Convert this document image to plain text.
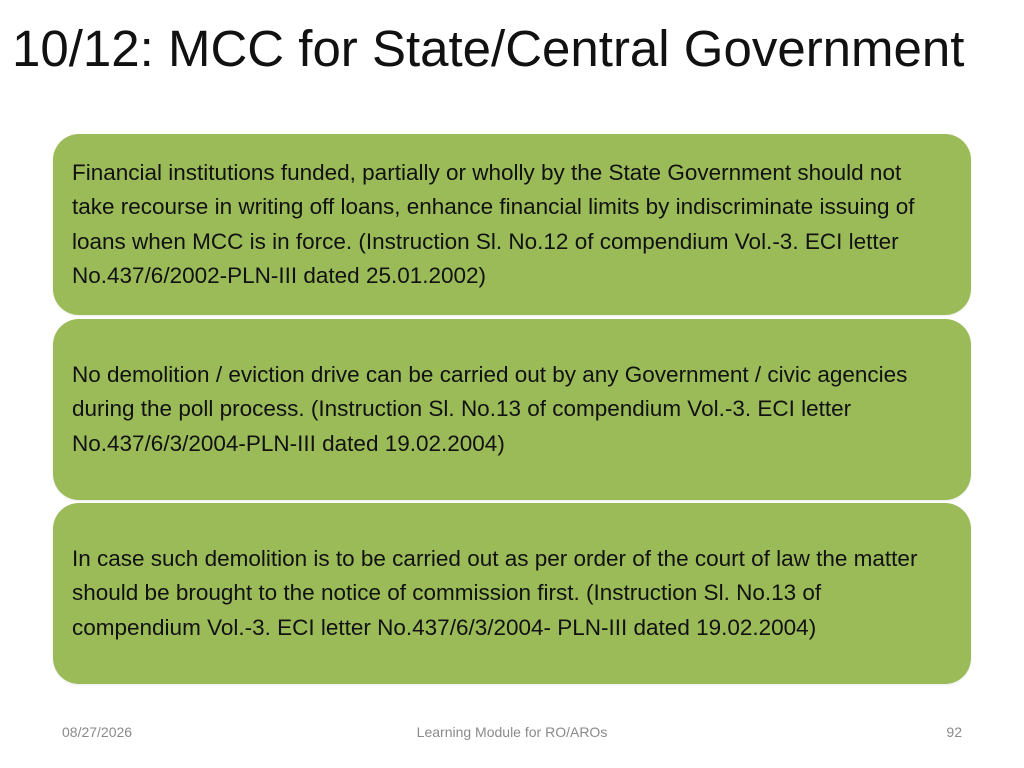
10/12: MCC for State/Central Government

Financial institutions funded, partially or wholly by the State Government should not take recourse in writing off loans, enhance financial limits by indiscriminate issuing of loans when MCC is in force. (Instruction Sl. No.12 of compendium Vol.-3. ECI letter No.437/6/2002-PLN-III dated 25.01.2002)

No demolition / eviction drive can be carried out by any Government / civic agencies during the poll process. (Instruction Sl. No.13 of compendium Vol.-3. ECI letter No.437/6/3/2004-PLN-III dated 19.02.2004)

In case such demolition is to be carried out as per order of the court of law the matter should be brought to the notice of commission first. (Instruction Sl. No.13 of compendium Vol.-3. ECI letter No.437/6/3/2004- PLN-III dated 19.02.2004)

08/27/2026	Learning Module for RO/AROs	92
